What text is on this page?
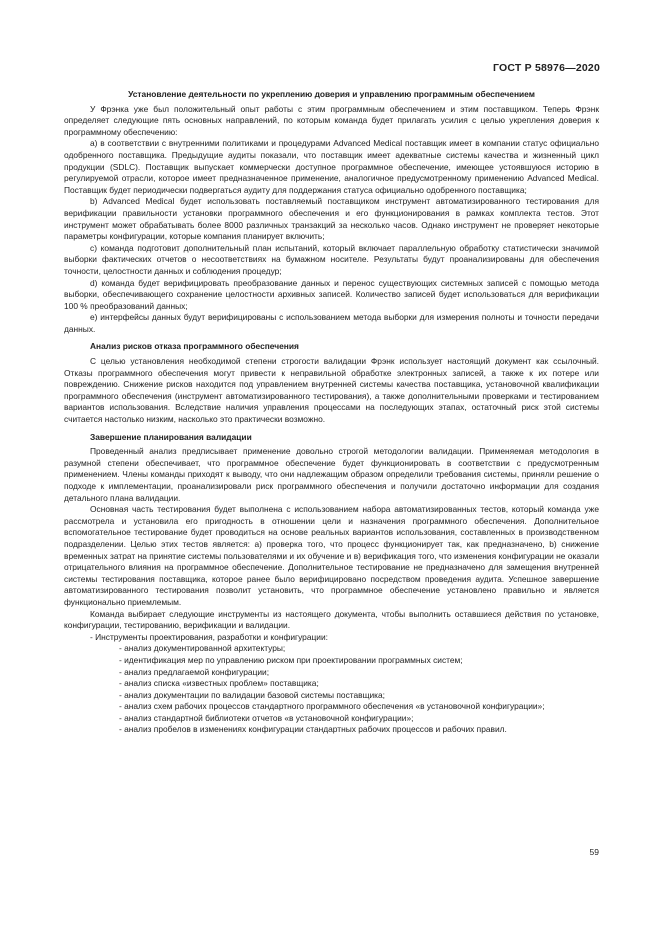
ГОСТ Р 58976—2020
Установление деятельности по укреплению доверия и управлению программным обеспечением

У Фрэнка уже был положительный опыт работы с этим программным обеспечением и этим поставщиком. Теперь Фрэнк определяет следующие пять основных направлений, по которым команда будет прилагать усилия с целью укрепления доверия к программному обеспечению:

а) в соответствии с внутренними политиками и процедурами Advanced Medical поставщик имеет в компании статус официально одобренного поставщика. Предыдущие аудиты показали, что поставщик имеет адекватные системы качества и жизненный цикл продукции (SDLC). Поставщик выпускает коммерчески доступное программное обеспечение, имеющее устоявшуюся историю в регулируемой отрасли, которое имеет предназначенное применение, аналогичное предусмотренному применению Advanced Medical. Поставщик будет периодически подвергаться аудиту для поддержания статуса официально одобренного поставщика;

b) Advanced Medical будет использовать поставляемый поставщиком инструмент автоматизированного тестирования для верификации правильности установки программного обеспечения и его функционирования в рамках комплекта тестов. Этот инструмент может обрабатывать более 8000 различных транзакций за несколько часов. Однако инструмент не проверяет некоторые параметры конфигурации, которые компания планирует включить;

c) команда подготовит дополнительный план испытаний, который включает параллельную обработку статистически значимой выборки фактических отчетов о несоответствиях на бумажном носителе. Результаты будут проанализированы для обеспечения точности, целостности данных и соблюдения процедур;

d) команда будет верифицировать преобразование данных и перенос существующих системных записей с помощью метода выборки, обеспечивающего сохранение целостности архивных записей. Количество записей будет использоваться для верификации 100 % преобразований данных;

e) интерфейсы данных будут верифицированы с использованием метода выборки для измерения полноты и точности передачи данных.

Анализ рисков отказа программного обеспечения

С целью установления необходимой степени строгости валидации Фрэнк использует настоящий документ как ссылочный. Отказы программного обеспечения могут привести к неправильной обработке электронных записей, а также к их потере или повреждению. Снижение рисков находится под управлением внутренней системы качества поставщика, установочной квалификации программного обеспечения (инструмент автоматизированного тестирования), а также дополнительными проверками и тестированием вариантов использования. Вследствие наличия управления процессами на последующих этапах, остаточный риск этой системы считается настолько низким, насколько это практически возможно.

Завершение планирования валидации

Проведенный анализ предписывает применение довольно строгой методологии валидации. Применяемая методология в разумной степени обеспечивает, что программное обеспечение будет функционировать в соответствии с предусмотренным применением. Члены команды приходят к выводу, что они надлежащим образом определили требования системы, приняли решение о подходе к имплементации, проанализировали риск программного обеспечения и получили достаточно информации для создания детального плана валидации.

Основная часть тестирования будет выполнена с использованием набора автоматизированных тестов, который команда уже рассмотрела и установила его пригодность в отношении цели и назначения программного обеспечения. Дополнительное вспомогательное тестирование будет проводиться на основе реальных вариантов использования, составленных в производственном подразделении. Целью этих тестов является: а) проверка того, что процесс функционирует так, как предназначено, b) снижение временных затрат на принятие системы пользователями и их обучение и в) верификация того, что изменения конфигурации не оказали отрицательного влияния на программное обеспечение. Дополнительное тестирование не предназначено для замещения внутренней системы тестирования поставщика, которое ранее было верифицировано посредством проведения аудита. Успешное завершение автоматизированного тестирования позволит установить, что программное обеспечение установлено правильно и является функционально приемлемым.

Команда выбирает следующие инструменты из настоящего документа, чтобы выполнить оставшиеся действия по установке, конфигурации, тестированию, верификации и валидации.

- Инструменты проектирования, разработки и конфигурации:

- анализ документированной архитектуры;

- идентификация мер по управлению риском при проектировании программных систем;

- анализ предлагаемой конфигурации;

- анализ списка «известных проблем» поставщика;

- анализ документации по валидации базовой системы поставщика;

- анализ схем рабочих процессов стандартного программного обеспечения «в установочной конфигурации»;

- анализ стандартной библиотеки отчетов «в установочной конфигурации»;

- анализ пробелов в изменениях конфигурации стандартных рабочих процессов и рабочих правил.

59
